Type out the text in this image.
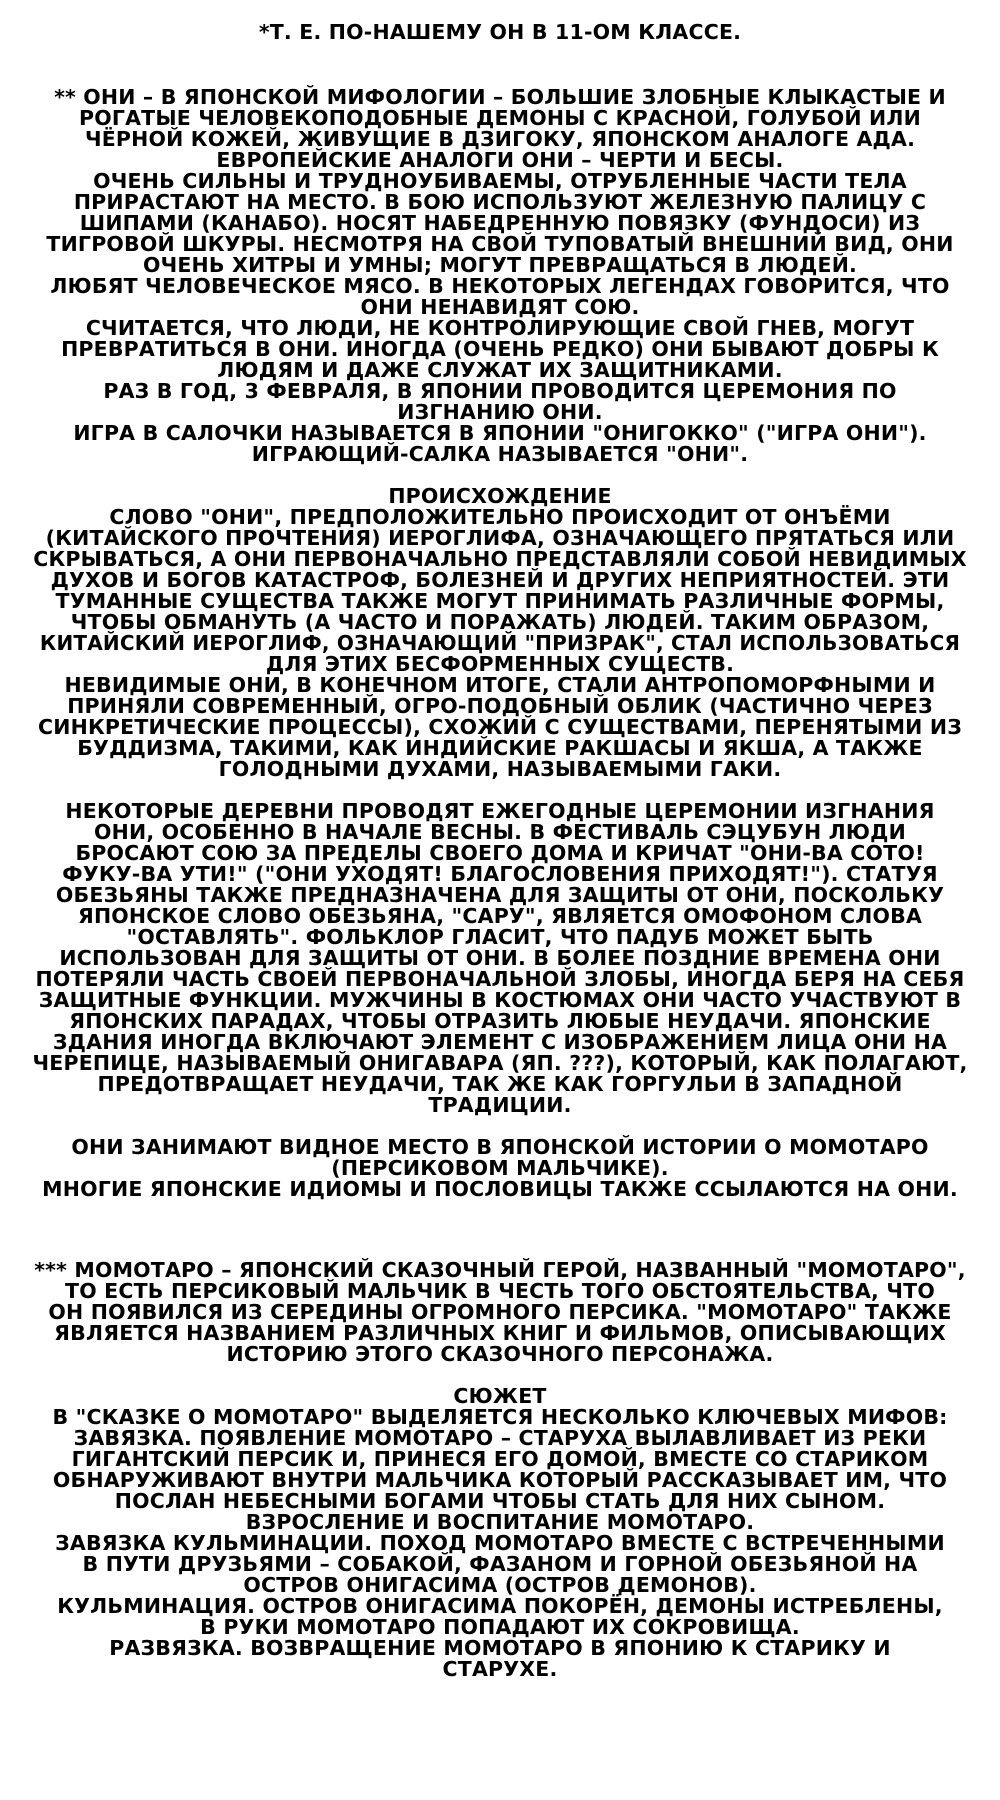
*Т. Е. ПО-НАШЕМУ ОН В 11-ОМ КЛАССЕ.

** ОНИ – В ЯПОНСКОЙ МИФОЛОГИИ – БОЛЬШИЕ ЗЛОБНЫЕ КЛЫКАСТЫЕ И

РОГАТЫЕ ЧЕЛОВЕКОПОДОБНЫЕ ДЕМОНЫ С КРАСНОЙ, ГОЛУБОЙ ИЛИ

ЧЁРНОЙ КОЖЕЙ, ЖИВУЩИЕ В ДЗИГОКУ, ЯПОНСКОМ АНАЛОГЕ АДА.

ЕВРОПЕЙСКИЕ АНАЛОГИ ОНИ – ЧЕРТИ И БЕСЫ.

ОЧЕНЬ СИЛЬНЫ И ТРУДНОУБИВАЕМЫ, ОТРУБЛЕННЫЕ ЧАСТИ ТЕЛА

ПРИРАСТАЮТ НА МЕСТО. В БОЮ ИСПОЛЬЗУЮТ ЖЕЛЕЗНУЮ ПАЛИЦУ С

ШИПАМИ (КАНАБО). НОСЯТ НАБЕДРЕННУЮ ПОВЯЗКУ (ФУНДОСИ) ИЗ

ТИГРОВОЙ ШКУРЫ. НЕСМОТРЯ НА СВОЙ ТУПОВАТЫЙ ВНЕШНИЙ ВИД, ОНИ

ОЧЕНЬ ХИТРЫ И УМНЫ; МОГУТ ПРЕВРАЩАТЬСЯ В ЛЮДЕЙ.

ЛЮБЯТ ЧЕЛОВЕЧЕСКОЕ МЯСО. В НЕКОТОРЫХ ЛЕГЕНДАХ ГОВОРИТСЯ, ЧТО

ОНИ НЕНАВИДЯТ СОЮ.

СЧИТАЕТСЯ, ЧТО ЛЮДИ, НЕ КОНТРОЛИРУЮЩИЕ СВОЙ ГНЕВ, МОГУТ

ПРЕВРАТИТЬСЯ В ОНИ. ИНОГДА (ОЧЕНЬ РЕДКО) ОНИ БЫВАЮТ ДОБРЫ К

ЛЮДЯМ И ДАЖЕ СЛУЖАТ ИХ ЗАЩИТНИКАМИ.

РАЗ В ГОД, 3 ФЕВРАЛЯ, В ЯПОНИИ ПРОВОДИТСЯ ЦЕРЕМОНИЯ ПО

ИЗГНАНИЮ ОНИ.

ИГРА В САЛОЧКИ НАЗЫВАЕТСЯ В ЯПОНИИ "ОНИГОККО" ("ИГРА ОНИ").

ИГРАЮЩИЙ-САЛКА НАЗЫВАЕТСЯ "ОНИ".

ПРОИСХОЖДЕНИЕ

СЛОВО "ОНИ", ПРЕДПОЛОЖИТЕЛЬНО ПРОИСХОДИТ ОТ ОНЪЁМИ

(КИТАЙСКОГО ПРОЧТЕНИЯ) ИЕРОГЛИФА, ОЗНАЧАЮЩЕГО ПРЯТАТЬСЯ ИЛИ

СКРЫВАТЬСЯ, А ОНИ ПЕРВОНАЧАЛЬНО ПРЕДСТАВЛЯЛИ СОБОЙ НЕВИДИМЫХ

ДУХОВ И БОГОВ КАТАСТРОФ, БОЛЕЗНЕЙ И ДРУГИХ НЕПРИЯТНОСТЕЙ. ЭТИ

ТУМАННЫЕ СУЩЕСТВА ТАКЖЕ МОГУТ ПРИНИМАТЬ РАЗЛИЧНЫЕ ФОРМЫ,

ЧТОБЫ ОБМАНУТЬ (А ЧАСТО И ПОРАЖАТЬ) ЛЮДЕЙ. ТАКИМ ОБРАЗОМ,

КИТАЙСКИЙ ИЕРОГЛИФ, ОЗНАЧАЮЩИЙ "ПРИЗРАК", СТАЛ ИСПОЛЬЗОВАТЬСЯ

ДЛЯ ЭТИХ БЕСФОРМЕННЫХ СУЩЕСТВ.

НЕВИДИМЫЕ ОНИ, В КОНЕЧНОМ ИТОГЕ, СТАЛИ АНТРОПОМОРФНЫМИ И

ПРИНЯЛИ СОВРЕМЕННЫЙ, ОГРО-ПОДОБНЫЙ ОБЛИК (ЧАСТИЧНО ЧЕРЕЗ

СИНКРЕТИЧЕСКИЕ ПРОЦЕССЫ), СХОЖИЙ С СУЩЕСТВАМИ, ПЕРЕНЯТЫМИ ИЗ

БУДДИЗМА, ТАКИМИ, КАК ИНДИЙСКИЕ РАКШАСЫ И ЯКША, А ТАКЖЕ

ГОЛОДНЫМИ ДУХАМИ, НАЗЫВАЕМЫМИ ГАКИ.

НЕКОТОРЫЕ ДЕРЕВНИ ПРОВОДЯТ ЕЖЕГОДНЫЕ ЦЕРЕМОНИИ ИЗГНАНИЯ

ОНИ, ОСОБЕННО В НАЧАЛЕ ВЕСНЫ. В ФЕСТИВАЛЬ СЭЦУБУН ЛЮДИ

БРОСАЮТ СОЮ ЗА ПРЕДЕЛЫ СВОЕГО ДОМА И КРИЧАТ "ОНИ-ВА СОТО!

ФУКУ-ВА УТИ!" ("ОНИ УХОДЯТ! БЛАГОСЛОВЕНИЯ ПРИХОДЯТ!"). СТАТУЯ

ОБЕЗЬЯНЫ ТАКЖЕ ПРЕДНАЗНАЧЕНА ДЛЯ ЗАЩИТЫ ОТ ОНИ, ПОСКОЛЬКУ

ЯПОНСКОЕ СЛОВО ОБЕЗЬЯНА, "САРУ", ЯВЛЯЕТСЯ ОМОФОНОМ СЛОВА

"ОСТАВЛЯТЬ". ФОЛЬКЛОР ГЛАСИТ, ЧТО ПАДУБ МОЖЕТ БЫТЬ

ИСПОЛЬЗОВАН ДЛЯ ЗАЩИТЫ ОТ ОНИ. В БОЛЕЕ ПОЗДНИЕ ВРЕМЕНА ОНИ

ПОТЕРЯЛИ ЧАСТЬ СВОЕЙ ПЕРВОНАЧАЛЬНОЙ ЗЛОБЫ, ИНОГДА БЕРЯ НА СЕБЯ

ЗАЩИТНЫЕ ФУНКЦИИ. МУЖЧИНЫ В КОСТЮМАХ ОНИ ЧАСТО УЧАСТВУЮТ В

ЯПОНСКИХ ПАРАДАХ, ЧТОБЫ ОТРАЗИТЬ ЛЮБЫЕ НЕУДАЧИ. ЯПОНСКИЕ

ЗДАНИЯ ИНОГДА ВКЛЮЧАЮТ ЭЛЕМЕНТ С ИЗОБРАЖЕНИЕМ ЛИЦА ОНИ НА

ЧЕРЕПИЦЕ, НАЗЫВАЕМЫЙ ОНИГАВАРА (ЯП. ???), КОТОРЫЙ, КАК ПОЛАГАЮТ,

ПРЕДОТВРАЩАЕТ НЕУДАЧИ, ТАК ЖЕ КАК ГОРГУЛЬИ В ЗАПАДНОЙ

ТРАДИЦИИ.

ОНИ ЗАНИМАЮТ ВИДНОЕ МЕСТО В ЯПОНСКОЙ ИСТОРИИ О МОМОТАРО

(ПЕРСИКОВОМ МАЛЬЧИКЕ).

МНОГИЕ ЯПОНСКИЕ ИДИОМЫ И ПОСЛОВИЦЫ ТАКЖЕ ССЫЛАЮТСЯ НА ОНИ.

*** МОМОТАРО – ЯПОНСКИЙ СКАЗОЧНЫЙ ГЕРОЙ, НАЗВАННЫЙ "МОМОТАРО",

ТО ЕСТЬ ПЕРСИКОВЫЙ МАЛЬЧИК В ЧЕСТЬ ТОГО ОБСТОЯТЕЛЬСТВА, ЧТО

ОН ПОЯВИЛСЯ ИЗ СЕРЕДИНЫ ОГРОМНОГО ПЕРСИКА. "МОМОТАРО" ТАКЖЕ

ЯВЛЯЕТСЯ НАЗВАНИЕМ РАЗЛИЧНЫХ КНИГ И ФИЛЬМОВ, ОПИСЫВАЮЩИХ

ИСТОРИЮ ЭТОГО СКАЗОЧНОГО ПЕРСОНАЖА.

СЮЖЕТ

В "СКАЗКЕ О МОМОТАРО" ВЫДЕЛЯЕТСЯ НЕСКОЛЬКО КЛЮЧЕВЫХ МИФОВ:

ЗАВЯЗКА. ПОЯВЛЕНИЕ МОМОТАРО – СТАРУХА ВЫЛАВЛИВАЕТ ИЗ РЕКИ

ГИГАНТСКИЙ ПЕРСИК И, ПРИНЕСЯ ЕГО ДОМОЙ, ВМЕСТЕ СО СТАРИКОМ

ОБНАРУЖИВАЮТ ВНУТРИ МАЛЬЧИКА КОТОРЫЙ РАССКАЗЫВАЕТ ИМ, ЧТО

ПОСЛАН НЕБЕСНЫМИ БОГАМИ ЧТОБЫ СТАТЬ ДЛЯ НИХ СЫНОМ.

ВЗРОСЛЕНИЕ И ВОСПИТАНИЕ МОМОТАРО.

ЗАВЯЗКА КУЛЬМИНАЦИИ. ПОХОД МОМОТАРО ВМЕСТЕ С ВСТРЕЧЕННЫМИ

В ПУТИ ДРУЗЬЯМИ – СОБАКОЙ, ФАЗАНОМ И ГОРНОЙ ОБЕЗЬЯНОЙ НА

ОСТРОВ ОНИГАСИМА (ОСТРОВ ДЕМОНОВ).

КУЛЬМИНАЦИЯ. ОСТРОВ ОНИГАСИМА ПОКОРЁН, ДЕМОНЫ ИСТРЕБЛЕНЫ,

В РУКИ МОМОТАРО ПОПАДАЮТ ИХ СОКРОВИЩА.

РАЗВЯЗКА. ВОЗВРАЩЕНИЕ МОМОТАРО В ЯПОНИЮ К СТАРИКУ И

СТАРУХЕ.
